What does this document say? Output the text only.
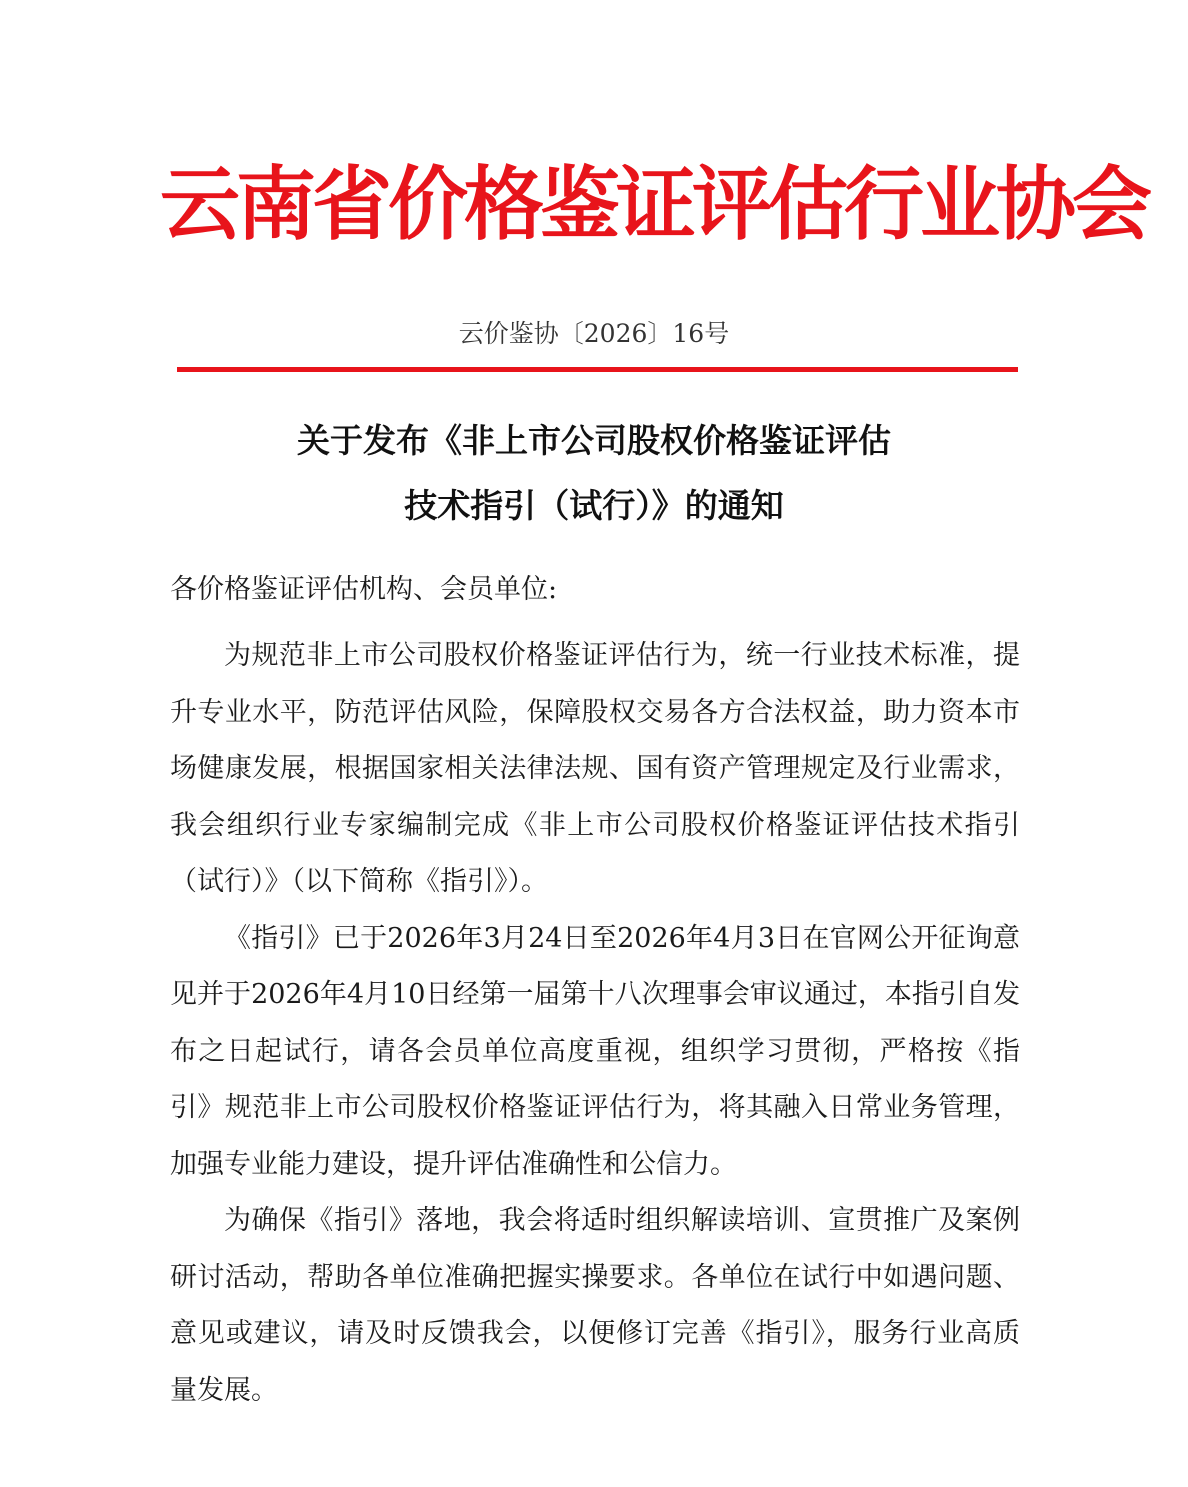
云南省价格鉴证评估行业协会
云价鉴协〔2026〕16号
关于发布《非上市公司股权价格鉴证评估
技术指引（试行）》的通知
各价格鉴证评估机构、会员单位:

为规范非上市公司股权价格鉴证评估行为，统一行业技术标准，提升专业水平，防范评估风险，保障股权交易各方合法权益，助力资本市场健康发展，根据国家相关法律法规、国有资产管理规定及行业需求，我会组织行业专家编制完成《非上市公司股权价格鉴证评估技术指引（试行）》（以下简称《指引》）。

《指引》已于2026年3月24日至2026年4月3日在官网公开征询意见并于2026年4月10日经第一届第十八次理事会审议通过，本指引自发布之日起试行，请各会员单位高度重视，组织学习贯彻，严格按《指引》规范非上市公司股权价格鉴证评估行为，将其融入日常业务管理，加强专业能力建设，提升评估准确性和公信力。

为确保《指引》落地，我会将适时组织解读培训、宣贯推广及案例研讨活动，帮助各单位准确把握实操要求。各单位在试行中如遇问题、意见或建议，请及时反馈我会，以便修订完善《指引》，服务行业高质量发展。
